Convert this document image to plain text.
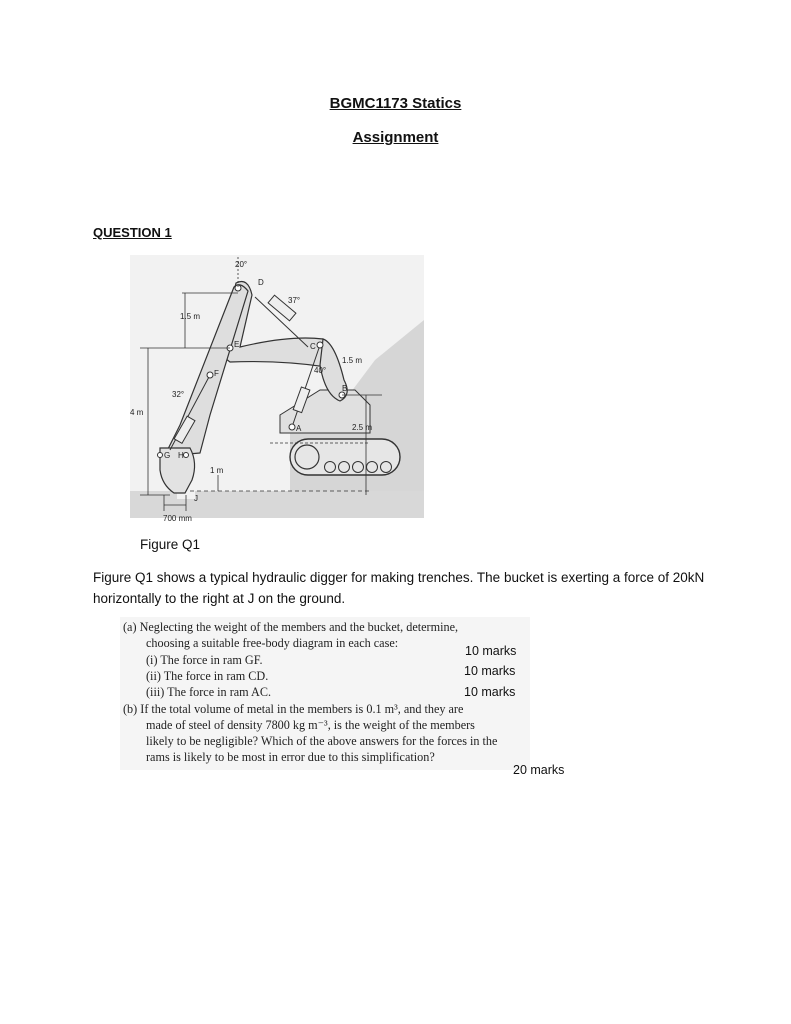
BGMC1173 Statics
Assignment
QUESTION 1
20°
37°
32°
40°
1.5 m
1.5 m
4 m
2.5 m
1 m
700 mm
D
E
F
C
B
A
G H
J
Figure Q1
Figure Q1 shows a typical hydraulic digger for making trenches. The bucket is exerting a force of 20kN horizontally to the right at J on the ground.
(a) Neglecting the weight of the members and the bucket, determine,
choosing a suitable free-body diagram in each case:
(i) The force in ram GF.
(ii) The force in ram CD.
(iii) The force in ram AC.
(b) If the total volume of metal in the members is 0.1 m³, and they are
made of steel of density 7800 kg m⁻³, is the weight of the members
likely to be negligible? Which of the above answers for the forces in the
rams is likely to be most in error due to this simplification?
10 marks
10 marks
10 marks
20 marks
